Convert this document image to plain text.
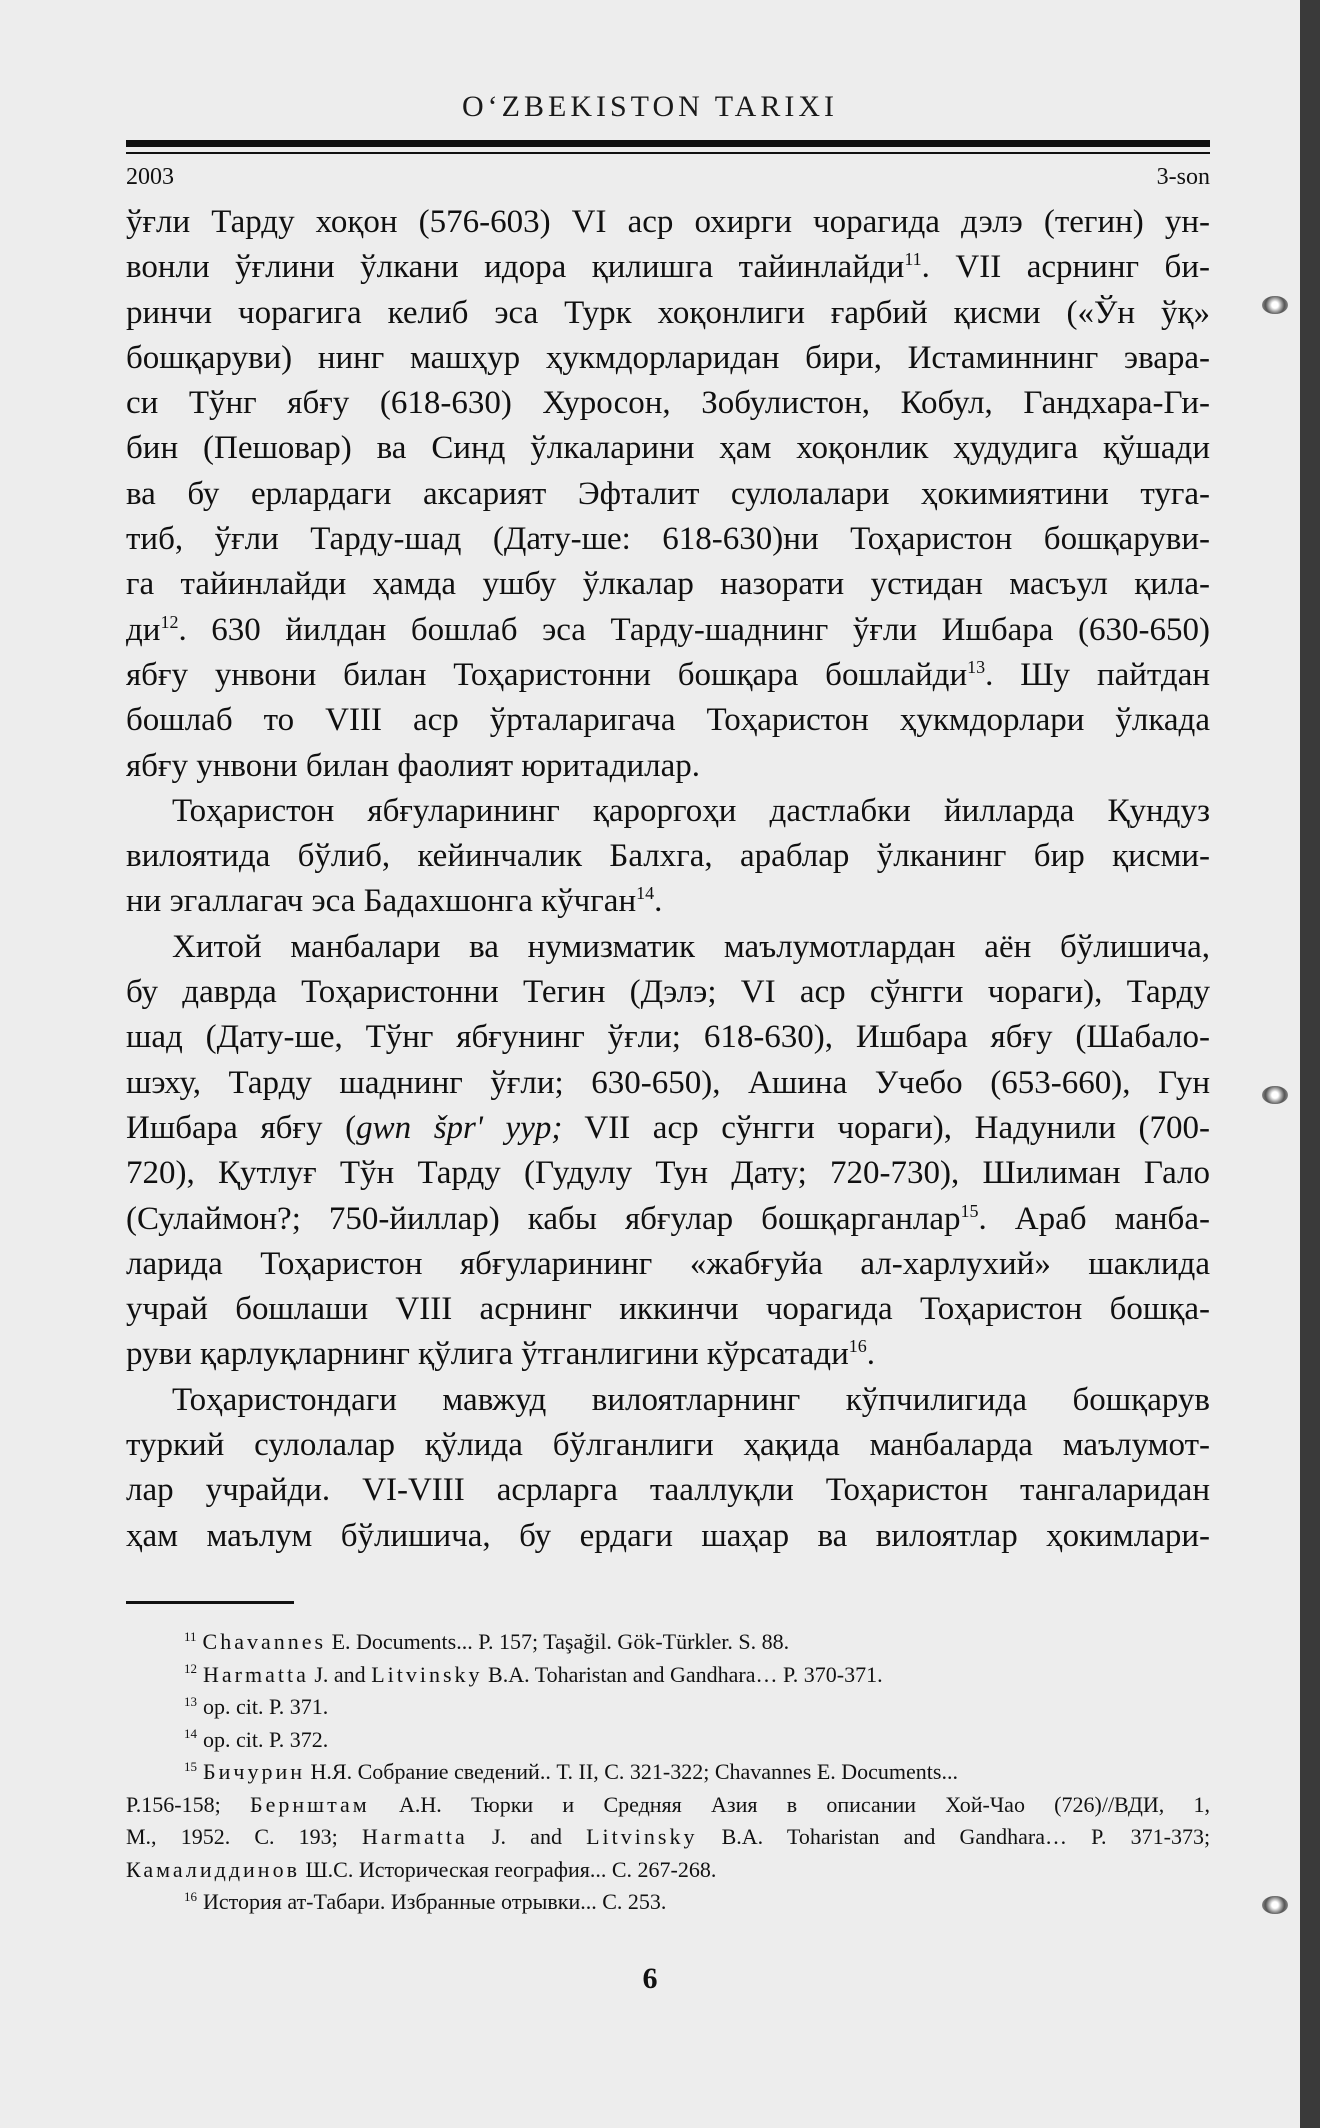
O‘ZBEKISTON TARIXI
2003	3-son

ўғли Тарду хоқон (576-603) VI аср охирги чорагида дэлэ (тегин) ун-
вонли ўғлини ўлкани идора қилишга тайинлайди$^{11}$. VII асрнинг би-
ринчи чорагига келиб эса Турк хоқонлиги ғарбий қисми («Ўн ўқ»
бошқаруви) нинг машҳур ҳукмдорларидан бири, Истаминнинг эвара-
си Тўнг ябғу (618-630) Хуросон, Зобулистон, Кобул, Гандхара-Ги-
бин (Пешовар) ва Синд ўлкаларини ҳам хоқонлик ҳудудига қўшади
ва бу ерлардаги аксарият Эфталит сулолалари ҳокимиятини туга-
тиб, ўғли Тарду-шад (Дату-ше: 618-630)ни Тоҳаристон бошқаруви-
га тайинлайди ҳамда ушбу ўлкалар назорати устидан масъул қила-
$ди^{12}$. 630 йилдан бошлаб эса Тарду-шаднинг ўғли Ишбара (630-650)
ябғу унвони билан Тоҳаристонни бошқара бошлайди$^{13}$. Шу пайтдан
бошлаб то VIII аср ўрталаригача Тоҳаристон ҳукмдорлари ўлкада
ябғу унвони билан фаолият юритадилар.

Тоҳаристон ябғуларининг қароргоҳи дастлабки йилларда Қундуз
вилоятида бўлиб, кейинчалик Балхга, араблар ўлканинг бир қисми-
ни эгаллагач эса Бадахшонга кўчган$^{14}$.

Хитой манбалари ва нумизматик маълумотлардан аён бўлишича,
бу даврда Тоҳаристонни Тегин (Дэлэ; VI аср сўнгги чораги), Тарду
шад (Дату-ше, Тўнг ябғунинг ўғли; 618-630), Ишбара ябғу (Шабало-
шэху, Тарду шаднинг ўғли; 630-650), Ашина Учебо (653-660), Гун
Ишбара ябғу (gwn špr' yyp; VII аср сўнгги чораги), Надунили (700-
720), Қутлуғ Тўн Тарду (Гудулу Тун Дату; 720-730), Шилиман Гало
(Сулаймон?; 750-йиллар) кабы ябғулар бошқарганлар$^{15}$. Араб манба-
ларида Тоҳаристон ябғуларининг «жабғуйа ал-харлухий» шаклида
учрай бошлаши VIII асрнинг иккинчи чорагида Тоҳаристон бошқа-
руви қарлуқларнинг қўлига ўтганлигини кўрсатади$^{16}$.

Тоҳаристондаги мавжуд вилоятларнинг кўпчилигида бошқарув
туркий сулолалар қўлида бўлганлиги ҳақида манбаларда маълумот-
лар учрайди. VI-VIII асрларга тааллуқли Тоҳаристон тангаларидан
ҳам маълум бўлишича, бу ердаги шаҳар ва вилоятлар ҳокимлари-

$^{11}$ Chavannes E. Documents... P. 157; Taşağil. Gök-Türkler. S. 88.
$^{12}$ Harmatta J. and Litvinsky B.A. Toharistan and Gandhara… P. 370-371.
$^{13}$ op. cit. P. 371.
$^{14}$ op. cit. P. 372.
$^{15}$ Бичурин Н.Я. Собрание сведений.. Т. II, С. 321-322; Chavannes E. Documents...
P.156-158; Бернштам А.Н. Тюрки и Средняя Азия в описании Хой-Чао (726)//ВДИ, 1,
М., 1952. С. 193; Harmatta J. and Litvinsky B.A. Toharistan and Gandhara… P. 371-373;
Камалиддинов Ш.С. Историческая география... С. 267-268.
$^{16}$ История ат-Табари. Избранные отрывки... С. 253.
6
